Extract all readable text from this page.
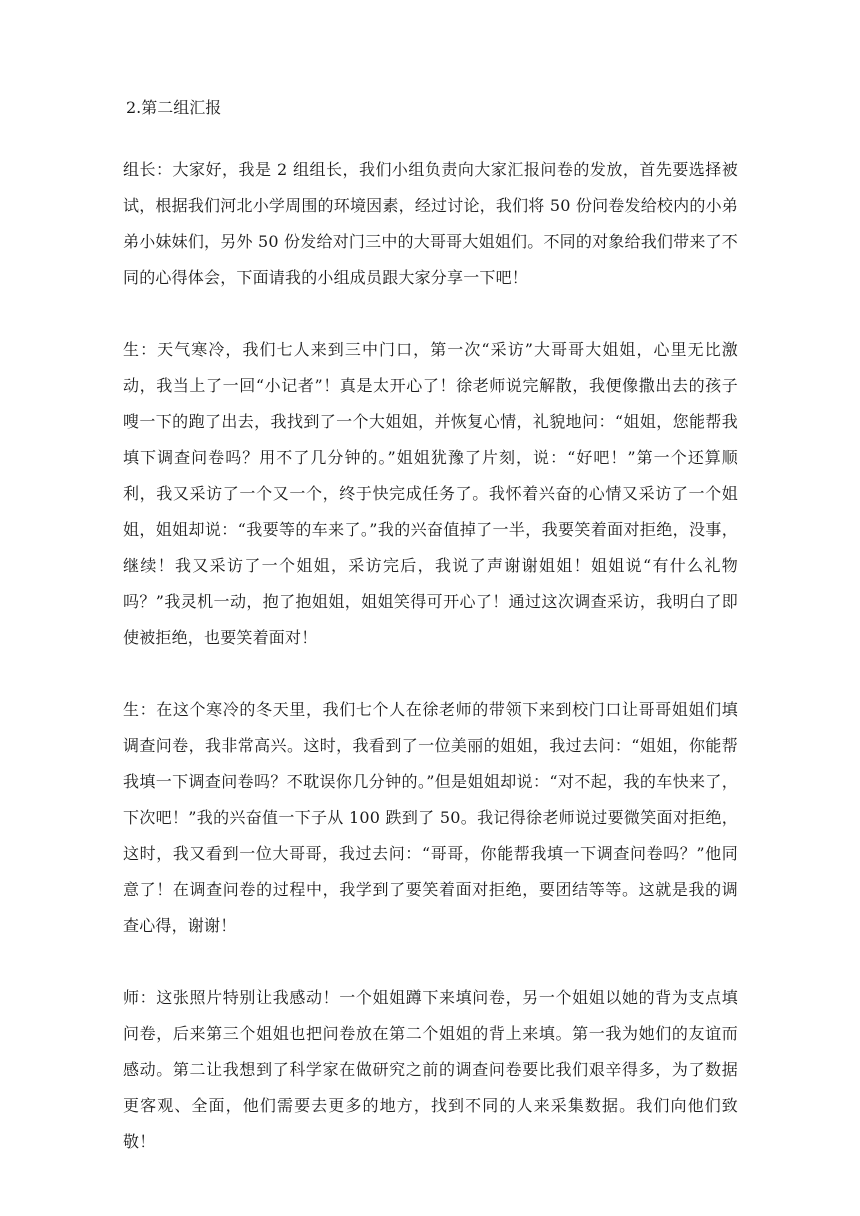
2.第二组汇报

组长：大家好，我是 2 组组长，我们小组负责向大家汇报问卷的发放，首先要选择被试，根据我们河北小学周围的环境因素，经过讨论，我们将 50 份问卷发给校内的小弟弟小妹妹们，另外 50 份发给对门三中的大哥哥大姐姐们。不同的对象给我们带来了不同的心得体会，下面请我的小组成员跟大家分享一下吧！

生：天气寒冷，我们七人来到三中门口，第一次“采访”大哥哥大姐姐，心里无比激动，我当上了一回“小记者”！真是太开心了！徐老师说完解散，我便像撒出去的孩子嗖一下的跑了出去，我找到了一个大姐姐，并恢复心情，礼貌地问：“姐姐，您能帮我填下调查问卷吗？用不了几分钟的。”姐姐犹豫了片刻，说：“好吧！”第一个还算顺利，我又采访了一个又一个，终于快完成任务了。我怀着兴奋的心情又采访了一个姐姐，姐姐却说：“我要等的车来了。”我的兴奋值掉了一半，我要笑着面对拒绝，没事，继续！我又采访了一个姐姐，采访完后，我说了声谢谢姐姐！姐姐说“有什么礼物吗？”我灵机一动，抱了抱姐姐，姐姐笑得可开心了！通过这次调查采访，我明白了即使被拒绝，也要笑着面对！

生：在这个寒冷的冬天里，我们七个人在徐老师的带领下来到校门口让哥哥姐姐们填调查问卷，我非常高兴。这时，我看到了一位美丽的姐姐，我过去问：“姐姐，你能帮我填一下调查问卷吗？不耽误你几分钟的。”但是姐姐却说：“对不起，我的车快来了，下次吧！”我的兴奋值一下子从 100 跌到了 50。我记得徐老师说过要微笑面对拒绝，这时，我又看到一位大哥哥，我过去问：“哥哥，你能帮我填一下调查问卷吗？”他同意了！在调查问卷的过程中，我学到了要笑着面对拒绝，要团结等等。这就是我的调查心得，谢谢！

师：这张照片特别让我感动！一个姐姐蹲下来填问卷，另一个姐姐以她的背为支点填问卷，后来第三个姐姐也把问卷放在第二个姐姐的背上来填。第一我为她们的友谊而感动。第二让我想到了科学家在做研究之前的调查问卷要比我们艰辛得多，为了数据更客观、全面，他们需要去更多的地方，找到不同的人来采集数据。我们向他们致敬！
